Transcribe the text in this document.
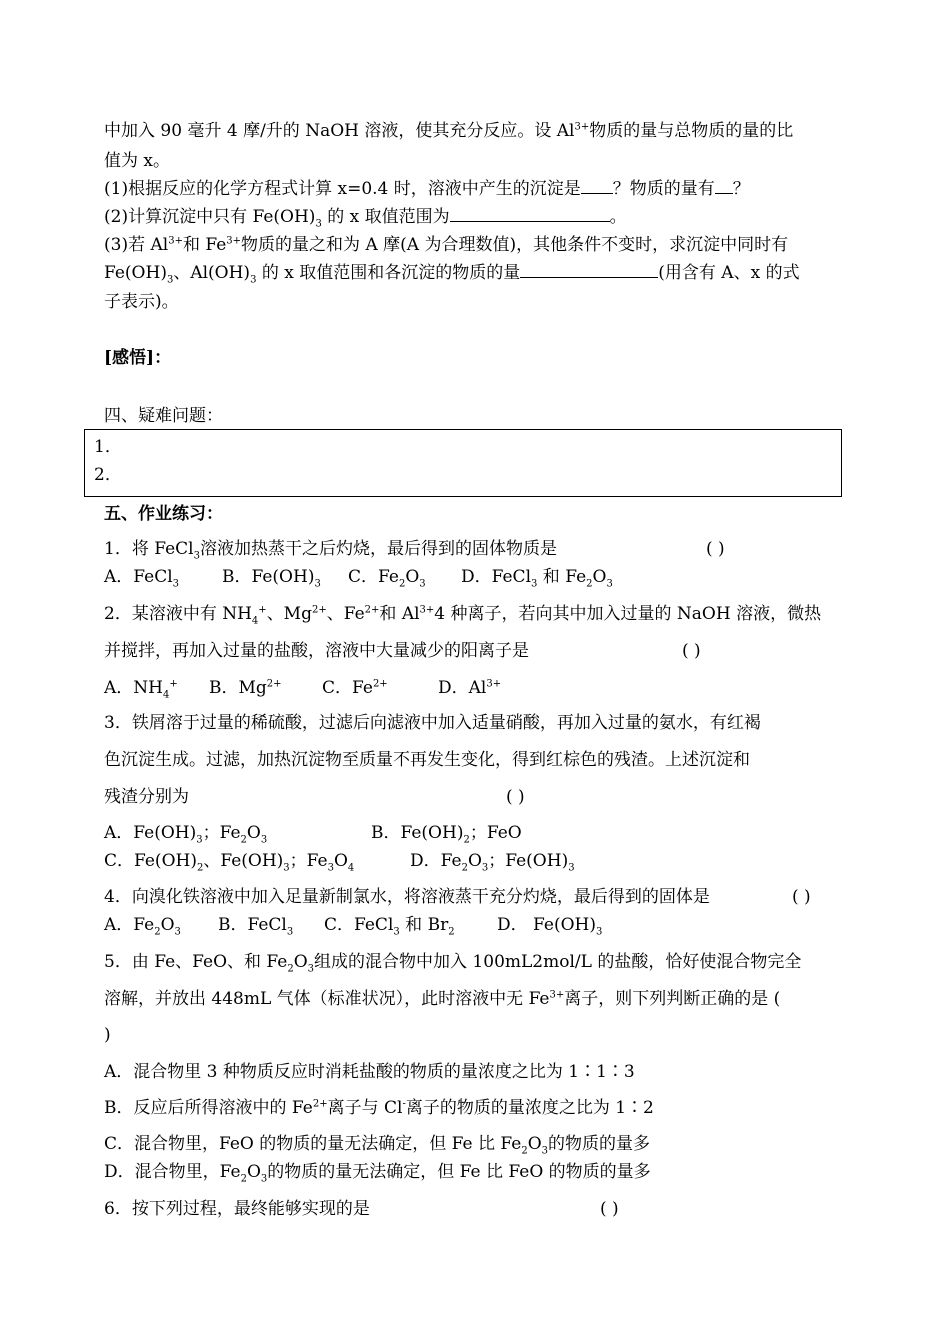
中加入 90 毫升 4 摩/升的 NaOH 溶液，使其充分反应。设 $Al^{3+}$物质的量与总物质的量的比
值为 x。
(1)根据反应的化学方程式计算 x=0.4 时，溶液中产生的沉淀是 ？物质的量有 ？
(2)计算沉淀中只有 $Fe(OH)_3$ 的 x 取值范围为	。
(3)若 $Al^{3+}$和 $Fe^{3+}$物质的量之和为 A 摩(A 为合理数值)，其他条件不变时，求沉淀中同时有
$Fe(OH)_3$、$Al(OH)_3$ 的 x 取值范围和各沉淀的物质的量	(用含有 A、x 的式
子表示)。
[感悟]：
四、疑难问题：
1．
2．
五、作业练习：
1．将 FeCl$_3$溶液加热蒸干之后灼烧，最后得到的固体物质是	( )
A．FeCl$_3$	B．$Fe(OH)_3$ C．$Fe_2O_3$ D．FeCl$_3$ 和 $Fe_2O_3$
2．某溶液中有 $NH_4^+$、$Mg^{2+}$、$Fe^{2+}$和 $Al^{3+}4$ 种离子，若向其中加入过量的 NaOH 溶液，微热
并搅拌，再加入过量的盐酸，溶液中大量减少的阳离子是	( )
A．$NH_4^+$ B．$Mg^{2+}$ C．$Fe^{2+}$	D．$Al^{3+}$
3．铁屑溶于过量的稀硫酸，过滤后向滤液中加入适量硝酸，再加入过量的氨水，有红褐
色沉淀生成。过滤，加热沉淀物至质量不再发生变化，得到红棕色的残渣。上述沉淀和
残渣分别为	( )
A．$Fe(OH)_3$；$Fe_2O_3$	B．$Fe(OH)_2$；FeO
C．$Fe(OH)_2$、$Fe(OH)_3$；$Fe_3O_4$	D．$Fe_2O_3$；$Fe(OH)_3$
4．向溴化铁溶液中加入足量新制氯水，将溶液蒸干充分灼烧，最后得到的固体是	( )
A．$Fe_2O_3$ B．FeCl$_3$ C．FeCl$_3$ 和 $Br_2$ D． $Fe(OH)_3$
5．由 Fe、FeO、和 $Fe_2O_3$组成的混合物中加入 100mL2mol/L 的盐酸，恰好使混合物完全
溶解，并放出 448mL 气体（标准状况），此时溶液中无 $Fe^{3+}$离子，则下列判断正确的是 (
)
A．混合物里 3 种物质反应时消耗盐酸的物质的量浓度之比为 1∶1∶3
B．反应后所得溶液中的 $Fe^{2+}$离子与 Cl-离子的物质的量浓度之比为 1∶2
C．混合物里，FeO 的物质的量无法确定，但 Fe 比 $Fe_2O_3$的物质的量多
D．混合物里，$Fe_2O_3$的物质的量无法确定，但 Fe 比 FeO 的物质的量多
6．按下列过程，最终能够实现的是	( )
